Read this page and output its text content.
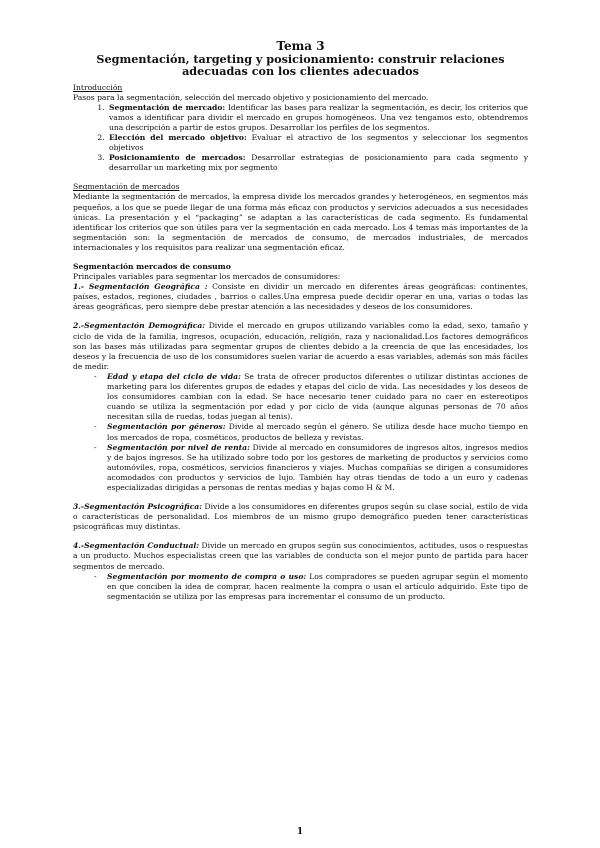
Tema 3
Segmentación, targeting y posicionamiento: construir relaciones
adecuadas con los clientes adecuados

Introducción

Pasos para la segmentación, selección del mercado objetivo y posicionamiento del mercado.

1. Segmentación de mercado: Identificar las bases para realizar la segmentación, es decir, los criterios que vamos a identificar para dividir el mercado en grupos homogéneos. Una vez tengamos esto, obtendremos una descripción a partir de estos grupos. Desarrollar los perfiles de los segmentos.
2. Elección del mercado objetivo: Evaluar el atractivo de los segmentos y seleccionar los segmentos objetivos
3. Posicionamiento de mercados: Desarrollar estrategias de posicionamiento para cada segmento y desarrollar un marketing mix por segmento

Segmentación de mercados

Mediante la segmentación de mercados, la empresa divide los mercados grandes y heterogéneos, en segmentos más pequeños, a los que se puede llegar de una forma más eficaz con productos y servicios adecuados a sus necesidades únicas. La presentación y el “packaging” se adaptan a las características de cada segmento. Es fundamental identificar los criterios que son útiles para ver la segmentación en cada mercado. Los 4 temas más importantes de la segmentación son: la segmentación de mercados de consumo, de mercados industriales, de mercados internacionales y los requisitos para realizar una segmentación eficaz.

Segmentación mercados de consumo

Principales variables para segmentar los mercados de consumidores:

1.- Segmentación Geográfica : Consiste en dividir un mercado en diferentes áreas geográficas: continentes, países, estados, regiones, ciudades , barrios o calles.Una empresa puede decidir operar en una, varias o todas las áreas geográficas, pero siempre debe prestar atención a las necesidades y deseos de los consumidores.

2.-Segmentación Demográfica: Divide el mercado en grupos utilizando variables como la edad, sexo, tamaño y ciclo de vida de la familia, ingresos, ocupación, educación, religión, raza y nacionalidad.Los factores demográficos son las bases más utilizadas para segmentar grupos de clientes debido a la creencia de que las encesidades, los deseos y la frecuencia de uso de los consumidores suelen variar de acuerdo a esas variables, además son más fáciles de medir.

- Edad y etapa del ciclo de vida: Se trata de ofrecer productos diferentes o utilizar distintas acciones de marketing para los diferentes grupos de edades y etapas del ciclo de vida. Las necesidades y los deseos de los consumidores cambian con la edad. Se hace necesario tener cuidado para no caer en estereotipos cuando se utiliza la segmentación por edad y por ciclo de vida (aunque algunas personas de 70 años necesitan silla de ruedas, todas juegan al tenis).
- Segmentación por géneros: Divide al mercado según el género. Se utiliza desde hace mucho tiempo en los mercados de ropa, cosméticos, productos de belleza y revistas.
- Segmentación por nivel de renta: Divide al mercado en consumidores de ingresos altos, ingresos medios y de bajos ingresos. Se ha utilizado sobre todo por los gestores de marketing de productos y servicios como automóviles, ropa, cosméticos, servicios financieros y viajes. Muchas compañías se dirigen a consumidores acomodados con productos y servicios de lujo. También hay otras tiendas de todo a un euro y cadenas especializadas dirigidas a personas de rentas medias y bajas como H & M.

3.-Segmentación Psicográfica: Divide a los consumidores en diferentes grupos según su clase social, estilo de vida o características de personalidad. Los miembros de un mismo grupo demográfico pueden tener características psicográficas muy distintas.

4.-Segmentación Conductual: Divide un mercado en grupos según sus conocimientos, actitudes, usos o respuestas a un producto. Muchos especialistas creen que las variables de conducta son el mejor punto de partida para hacer segmentos de mercado.

- Segmentación por momento de compra o uso: Los compradores se pueden agrupar según el momento en que conciben la idea de comprar, hacen realmente la compra o usan el artículo adquirido. Este tipo de segmentación se utiliza por las empresas para incrementar el consumo de un producto.
1
